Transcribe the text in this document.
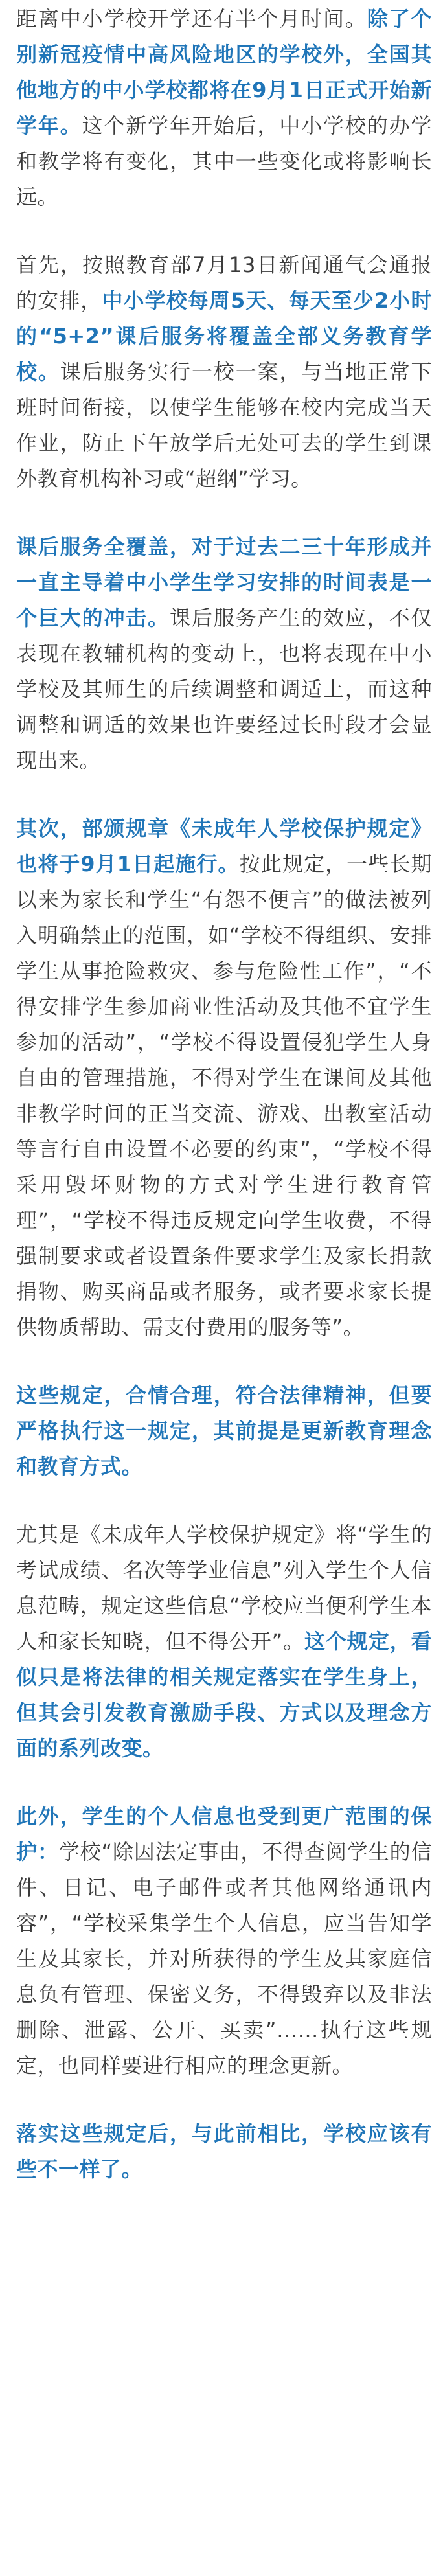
距离中小学校开学还有半个月时间。除了个别新冠疫情中高风险地区的学校外，全国其他地方的中小学校都将在9月1日正式开始新学年。这个新学年开始后，中小学校的办学和教学将有变化，其中一些变化或将影响长远。

首先，按照教育部7月13日新闻通气会通报的安排，中小学校每周5天、每天至少2小时的“5+2”课后服务将覆盖全部义务教育学校。课后服务实行一校一案，与当地正常下班时间衔接，以使学生能够在校内完成当天作业，防止下午放学后无处可去的学生到课外教育机构补习或“超纲”学习。

课后服务全覆盖，对于过去二三十年形成并一直主导着中小学生学习安排的时间表是一个巨大的冲击。课后服务产生的效应，不仅表现在教辅机构的变动上，也将表现在中小学校及其师生的后续调整和调适上，而这种调整和调适的效果也许要经过长时段才会显现出来。

其次，部颁规章《未成年人学校保护规定》也将于9月1日起施行。按此规定，一些长期以来为家长和学生“有怨不便言”的做法被列入明确禁止的范围，如“学校不得组织、安排学生从事抢险救灾、参与危险性工作”，“不得安排学生参加商业性活动及其他不宜学生参加的活动”，“学校不得设置侵犯学生人身自由的管理措施，不得对学生在课间及其他非教学时间的正当交流、游戏、出教室活动等言行自由设置不必要的约束”，“学校不得采用毁坏财物的方式对学生进行教育管理”，“学校不得违反规定向学生收费，不得强制要求或者设置条件要求学生及家长捐款捐物、购买商品或者服务，或者要求家长提供物质帮助、需支付费用的服务等”。

这些规定，合情合理，符合法律精神，但要严格执行这一规定，其前提是更新教育理念和教育方式。

尤其是《未成年人学校保护规定》将“学生的考试成绩、名次等学业信息”列入学生个人信息范畴，规定这些信息“学校应当便利学生本人和家长知晓，但不得公开”。这个规定，看似只是将法律的相关规定落实在学生身上，但其会引发教育激励手段、方式以及理念方面的系列改变。

此外，学生的个人信息也受到更广范围的保护：学校“除因法定事由，不得查阅学生的信件、日记、电子邮件或者其他网络通讯内容”，“学校采集学生个人信息，应当告知学生及其家长，并对所获得的学生及其家庭信息负有管理、保密义务，不得毁弃以及非法删除、泄露、公开、买卖”……执行这些规定，也同样要进行相应的理念更新。

落实这些规定后，与此前相比，学校应该有些不一样了。
